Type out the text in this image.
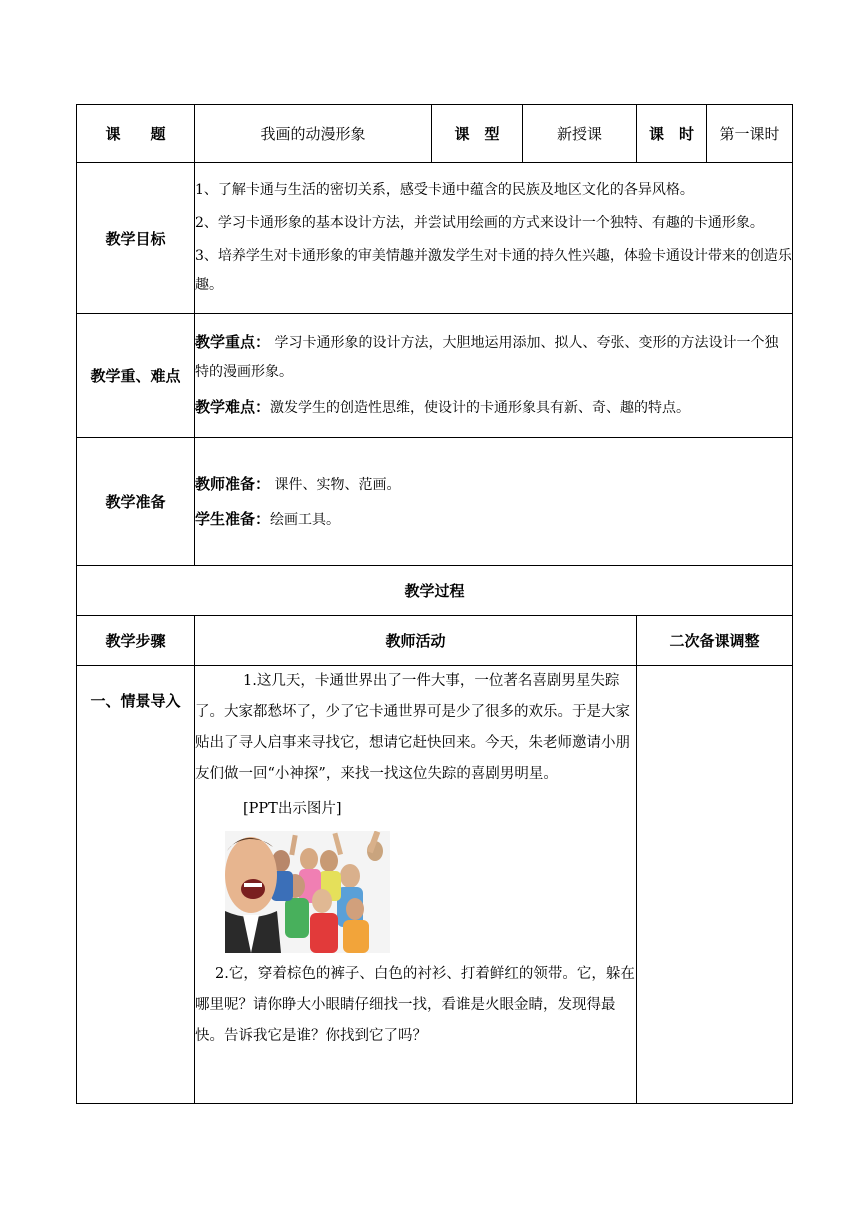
课　　题	我画的动漫形象	课　型	新授课	课　时	第一课时
教学目标	1、了解卡通与生活的密切关系，感受卡通中蕴含的民族及地区文化的各异风格。

2、学习卡通形象的基本设计方法，并尝试用绘画的方式来设计一个独特、有趣的卡通形象。

3、培养学生对卡通形象的审美情趣并激发学生对卡通的持久性兴趣，体验卡通设计带来的创造乐趣。				

教学重、难点	教学重点： 学习卡通形象的设计方法，大胆地运用添加、拟人、夸张、变形的方法设计一个独特的漫画形象。

教学难点：激发学生的创造性思维，使设计的卡通形象具有新、奇、趣的特点。				

教学准备	教师准备： 课件、实物、范画。

学生准备：绘画工具。				

教学过程					
教学步骤	教师活动			二次备课调整	
一、情景导入	1.这几天，卡通世界出了一件大事，一位著名喜剧男星失踪了。大家都愁坏了，少了它卡通世界可是少了很多的欢乐。于是大家贴出了寻人启事来寻找它，想请它赶快回来。今天，朱老师邀请小朋友们做一回“小神探”，来找一找这位失踪的喜剧男明星。

[PPT出示图片]

2.它，穿着棕色的裤子、白色的衬衫、打着鲜红的领带。它，躲在哪里呢？请你睁大小眼睛仔细找一找，看谁是火眼金睛，发现得最快。告诉我它是谁？你找到它了吗？				
